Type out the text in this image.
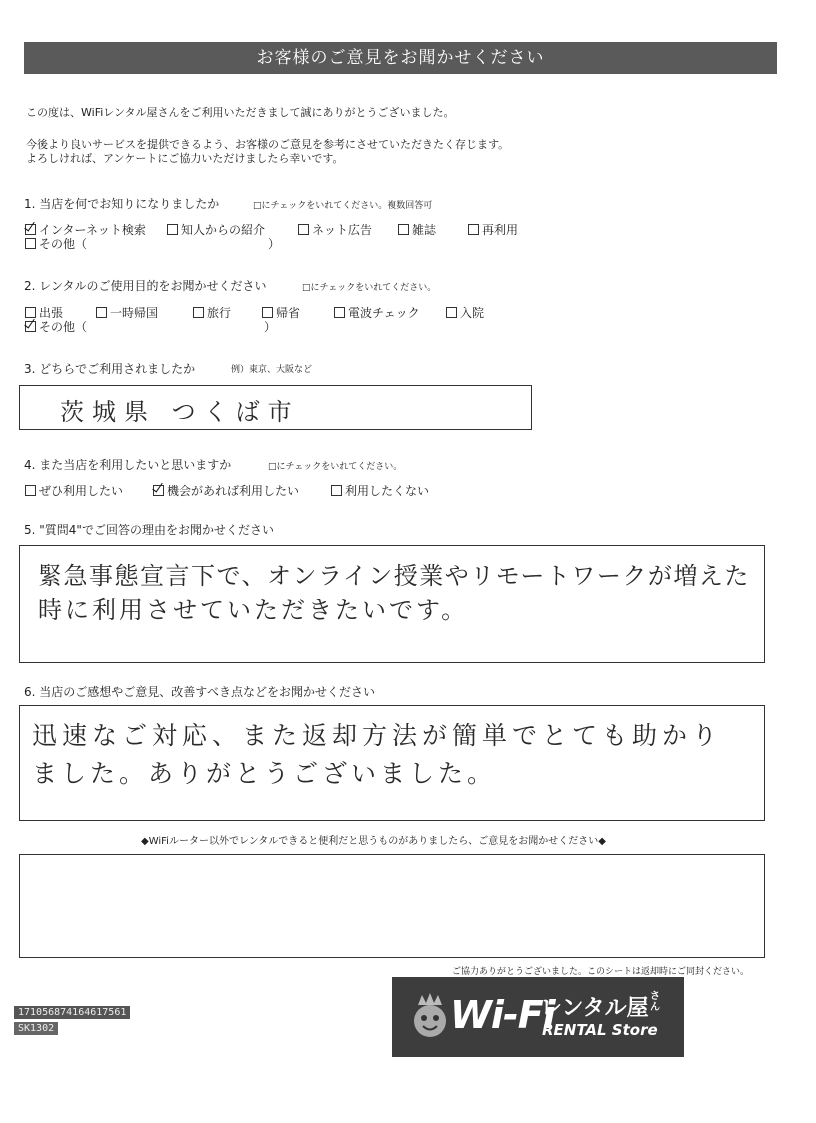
お客様のご意見をお聞かせください
この度は、WiFiレンタル屋さんをご利用いただきまして誠にありがとうございました。
今後より良いサービスを提供できるよう、お客様のご意見を参考にさせていただきたく存じます。
よろしければ、アンケートにご協力いただけましたら幸いです。
1. 当店を何でお知りになりましたか	□にチェックをいれてください。複数回答可
インターネット検索	知人からの紹介	ネット広告	雑誌	再利用
その他（	）
2. レンタルのご使用目的をお聞かせください	□にチェックをいれてください。
出張	一時帰国	旅行	帰省	電波チェック	入院
その他（	）
3. どちらでご利用されましたか	例）東京、大阪など
茨城県 つくば市
4. また当店を利用したいと思いますか	□にチェックをいれてください。
ぜひ利用したい	機会があれば利用したい	利用したくない
5. "質問4"でご回答の理由をお聞かせください
緊急事態宣言下で、オンライン授業やリモートワークが増えた
時に利用させていただきたいです。
6. 当店のご感想やご意見、改善すべき点などをお聞かせください
迅速なご対応、また返却方法が簡単でとても助かり
ました。ありがとうございました。
◆WiFiルーター以外でレンタルできると便利だと思うものがありましたら、ご意見をお聞かせください◆
ご協力ありがとうございました。このシートは返却時にご同封ください。
171056874164617561
SK1302	Wi-Fi
レンタル屋 さん
RENTAL Store
